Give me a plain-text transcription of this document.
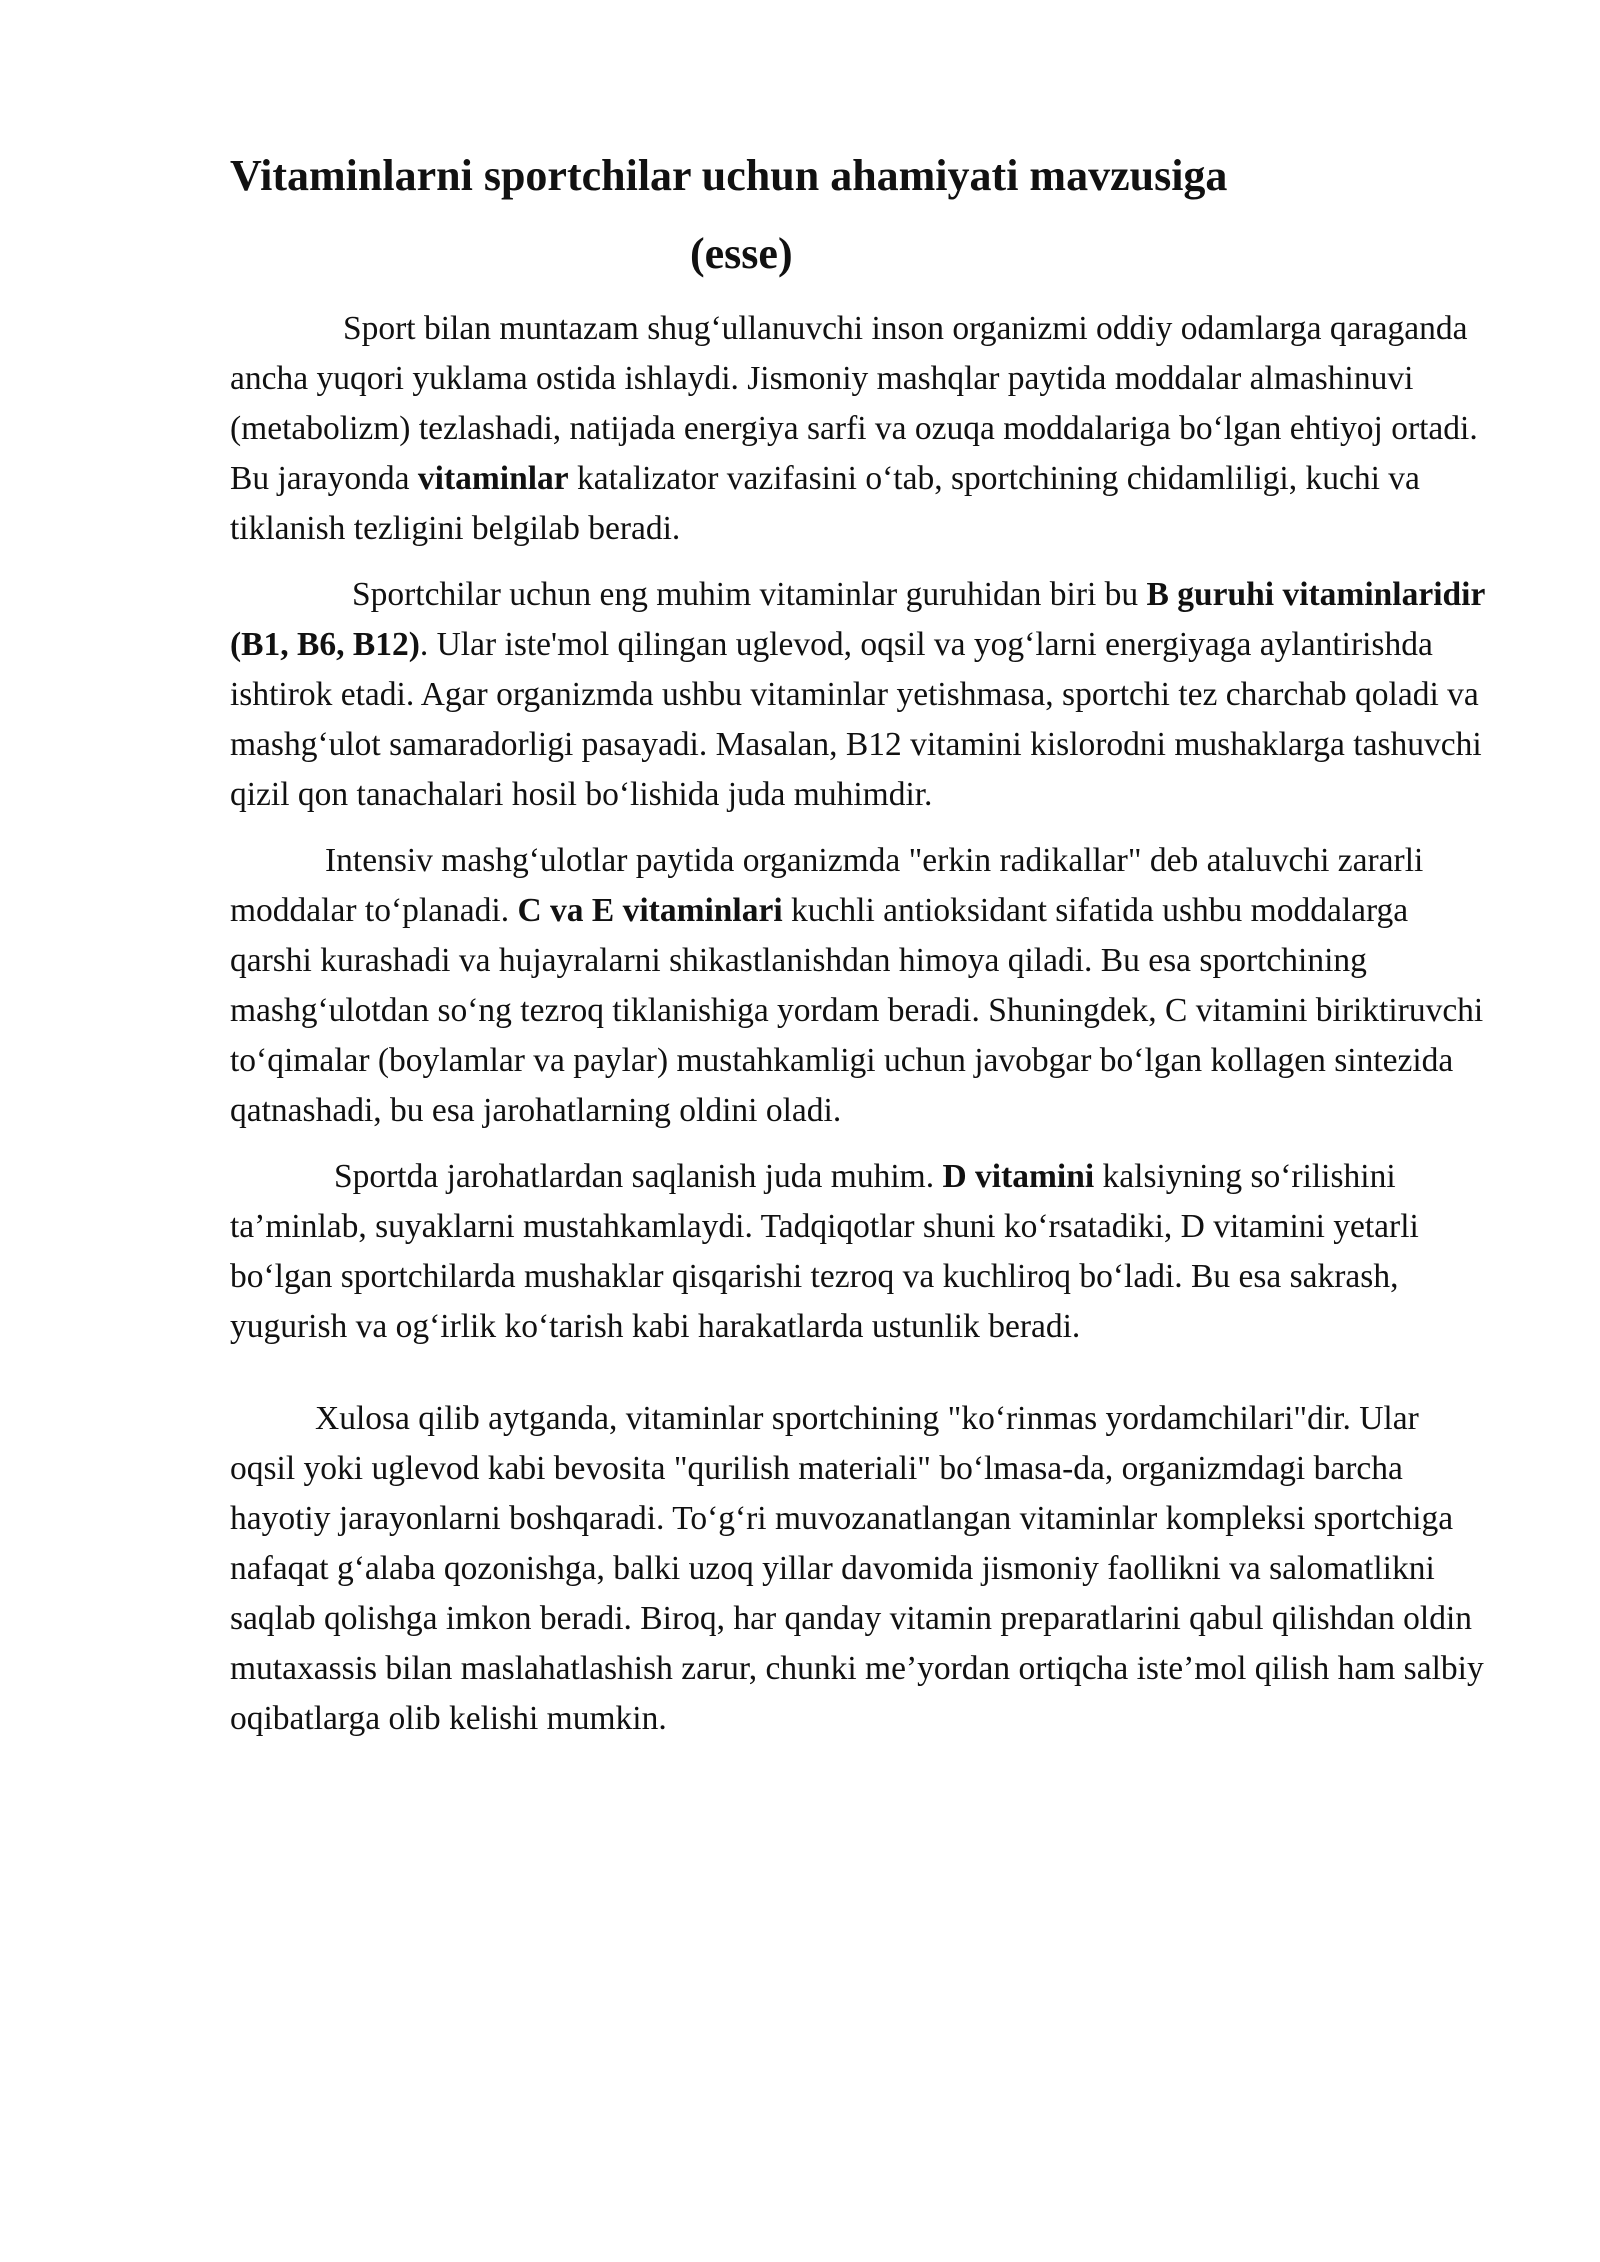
Vitaminlarni sportchilar uchun ahamiyati mavzusiga
(esse)

Sport bilan muntazam shug‘ullanuvchi inson organizmi oddiy odamlarga qaraganda ancha yuqori yuklama ostida ishlaydi. Jismoniy mashqlar paytida moddalar almashinuvi (metabolizm) tezlashadi, natijada energiya sarfi va ozuqa moddalariga bo‘lgan ehtiyoj ortadi. Bu jarayonda vitaminlar katalizator vazifasini o‘tab, sportchining chidamliligi, kuchi va tiklanish tezligini belgilab beradi.

Sportchilar uchun eng muhim vitaminlar guruhidan biri bu B guruhi vitaminlaridir (B1, B6, B12). Ular iste'mol qilingan uglevod, oqsil va yog‘larni energiyaga aylantirishda ishtirok etadi. Agar organizmda ushbu vitaminlar yetishmasa, sportchi tez charchab qoladi va mashg‘ulot samaradorligi pasayadi. Masalan, B12 vitamini kislorodni mushaklarga tashuvchi qizil qon tanachalari hosil bo‘lishida juda muhimdir.

Intensiv mashg‘ulotlar paytida organizmda "erkin radikallar" deb ataluvchi zararli moddalar to‘planadi. C va E vitaminlari kuchli antioksidant sifatida ushbu moddalarga qarshi kurashadi va hujayralarni shikastlanishdan himoya qiladi. Bu esa sportchining mashg‘ulotdan so‘ng tezroq tiklanishiga yordam beradi. Shuningdek, C vitamini biriktiruvchi to‘qimalar (boylamlar va paylar) mustahkamligi uchun javobgar bo‘lgan kollagen sintezida qatnashadi, bu esa jarohatlarning oldini oladi.

Sportda jarohatlardan saqlanish juda muhim. D vitamini kalsiyning so‘rilishini ta’minlab, suyaklarni mustahkamlaydi. Tadqiqotlar shuni ko‘rsatadiki, D vitamini yetarli bo‘lgan sportchilarda mushaklar qisqarishi tezroq va kuchliroq bo‘ladi. Bu esa sakrash, yugurish va og‘irlik ko‘tarish kabi harakatlarda ustunlik beradi.

Xulosa qilib aytganda, vitaminlar sportchining "ko‘rinmas yordamchilari"dir. Ular oqsil yoki uglevod kabi bevosita "qurilish materiali" bo‘lmasa-da, organizmdagi barcha hayotiy jarayonlarni boshqaradi. To‘g‘ri muvozanatlangan vitaminlar kompleksi sportchiga nafaqat g‘alaba qozonishga, balki uzoq yillar davomida jismoniy faollikni va salomatlikni saqlab qolishga imkon beradi. Biroq, har qanday vitamin preparatlarini qabul qilishdan oldin mutaxassis bilan maslahatlashish zarur, chunki me’yordan ortiqcha iste’mol qilish ham salbiy oqibatlarga olib kelishi mumkin.
